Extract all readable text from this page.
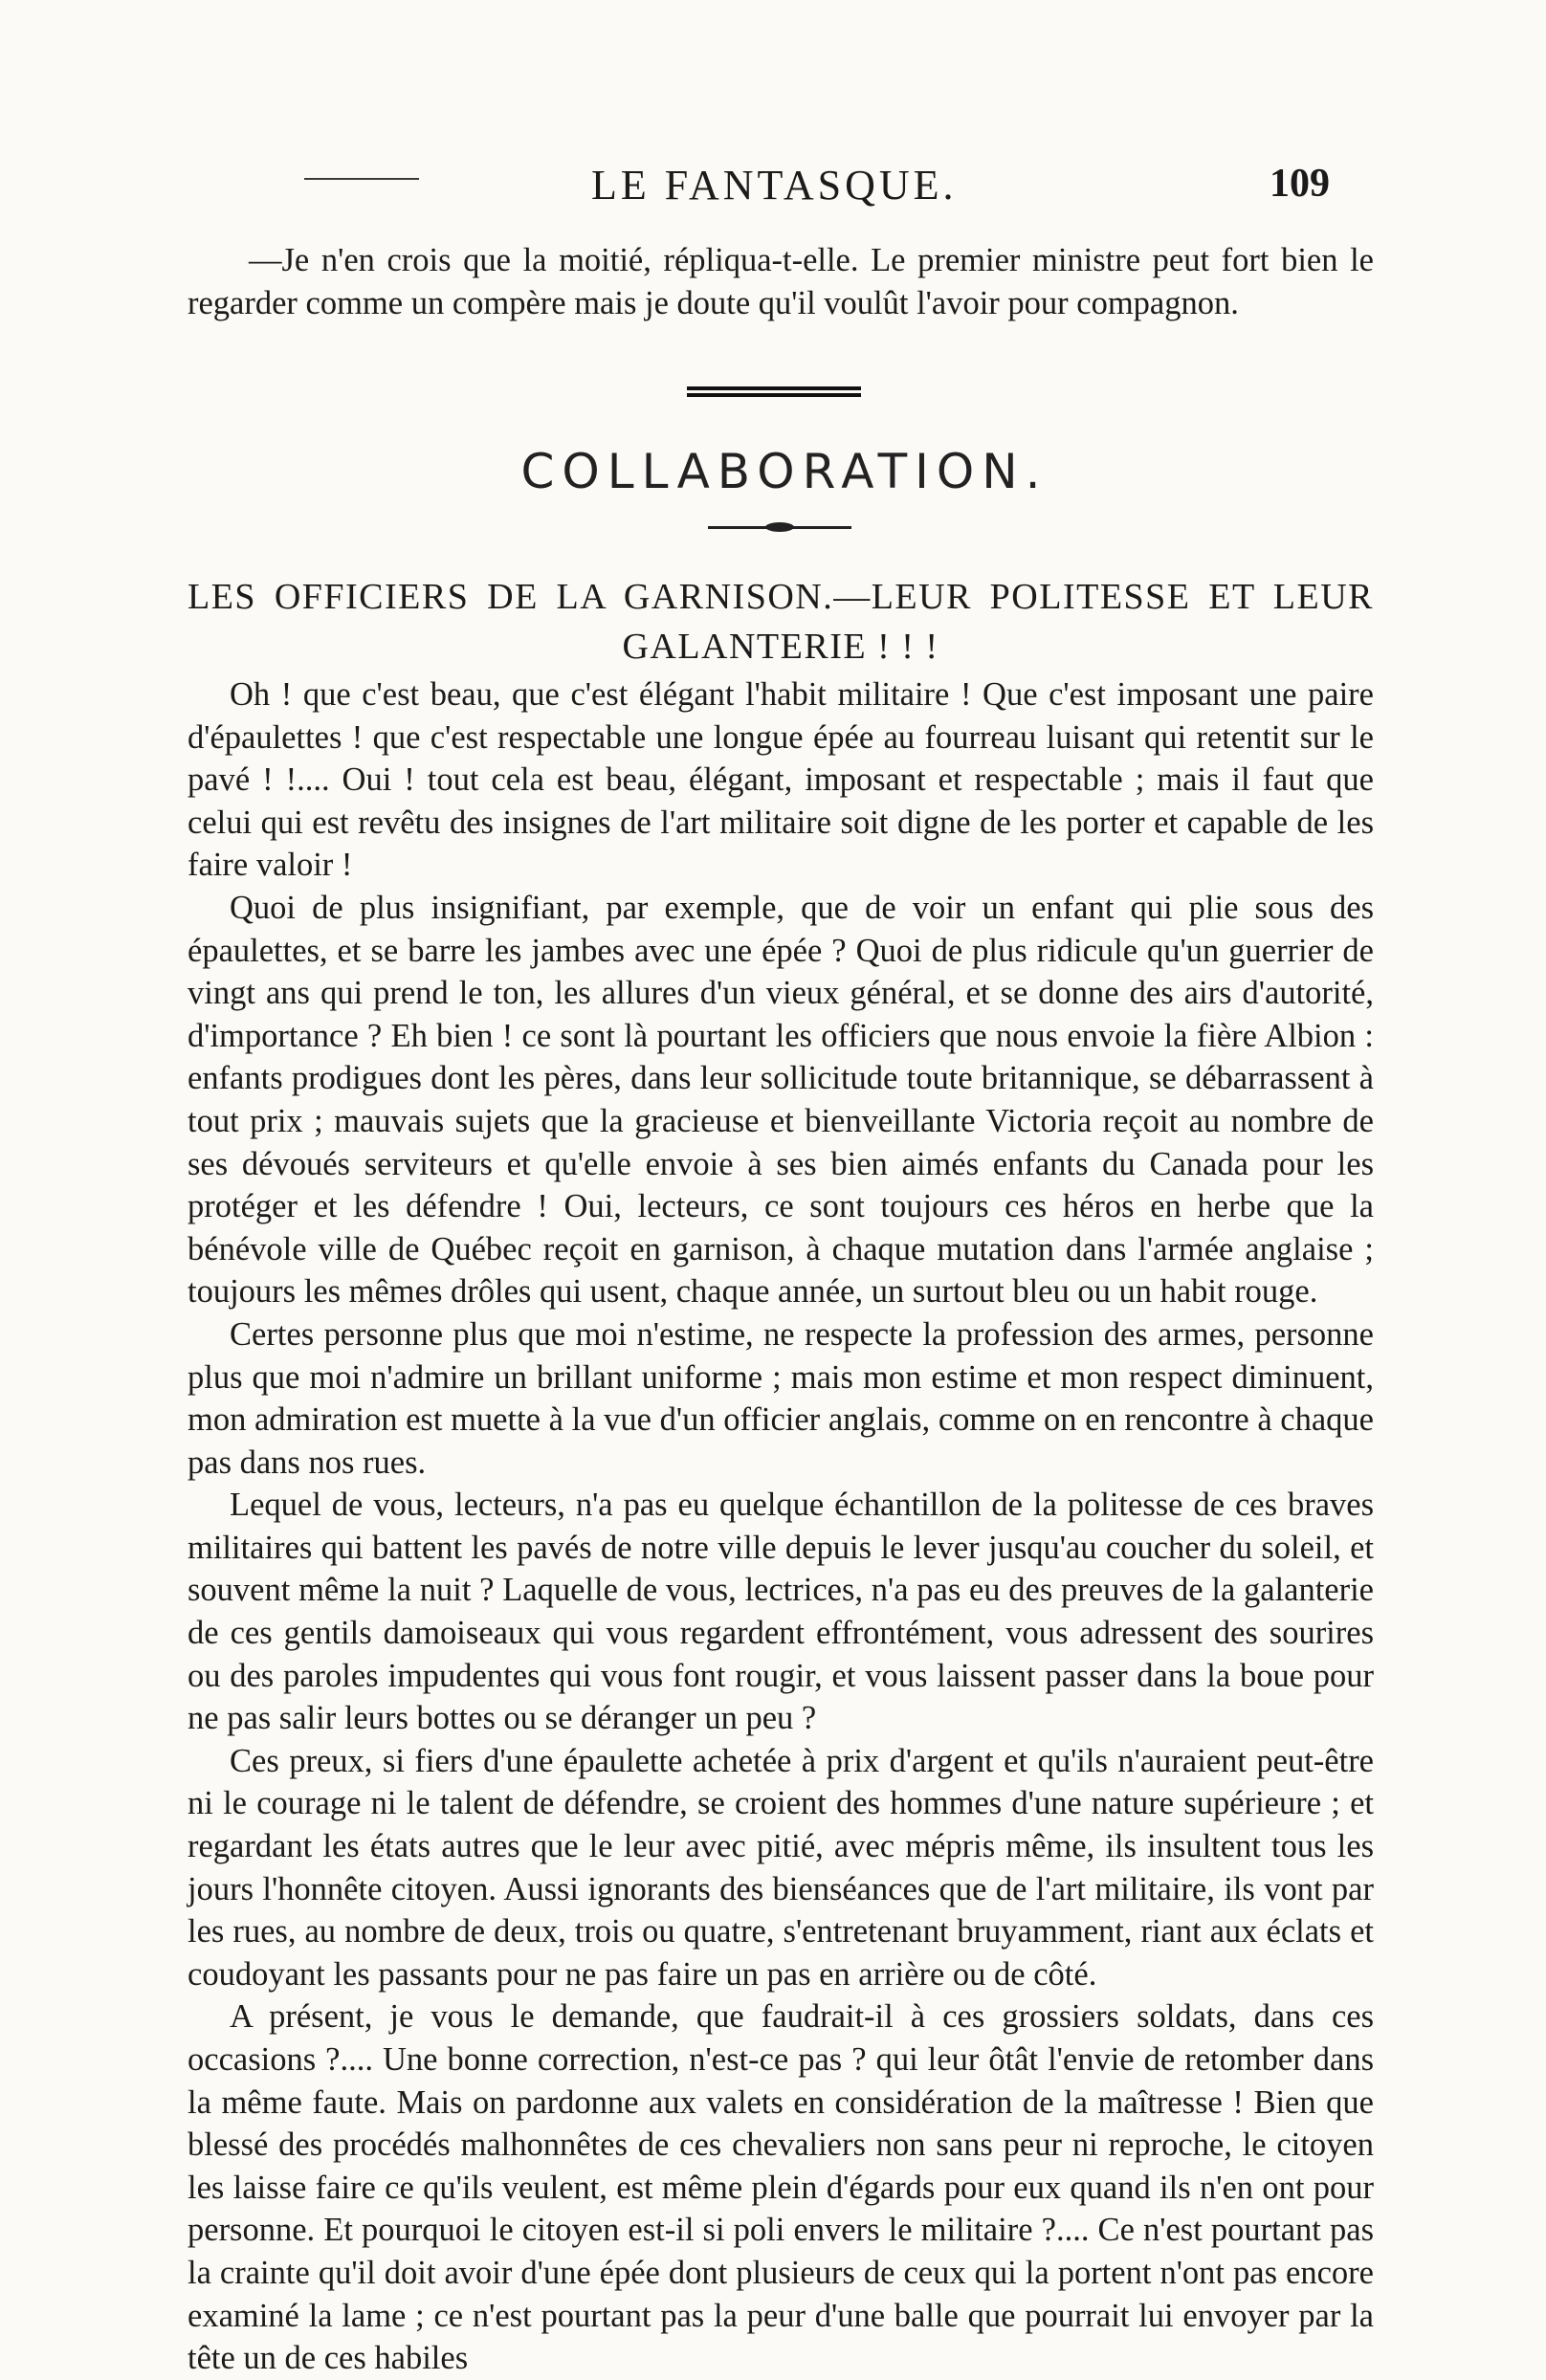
LE FANTASQUE.	109

—Je n'en crois que la moitié, répliqua-t-elle. Le premier ministre peut fort bien le regarder comme un compère mais je doute qu'il voulût l'avoir pour compagnon.

COLLABORATION.
LES OFFICIERS DE LA GARNISON.—LEUR POLITESSE ET LEUR
GALANTERIE ! ! !

Oh ! que c'est beau, que c'est élégant l'habit militaire ! Que c'est imposant une paire d'épaulettes ! que c'est respectable une longue épée au fourreau luisant qui retentit sur le pavé ! !.... Oui ! tout cela est beau, élégant, imposant et respectable ; mais il faut que celui qui est revêtu des insignes de l'art militaire soit digne de les porter et capable de les faire valoir !

Quoi de plus insignifiant, par exemple, que de voir un enfant qui plie sous des épaulettes, et se barre les jambes avec une épée ? Quoi de plus ridicule qu'un guerrier de vingt ans qui prend le ton, les allures d'un vieux général, et se donne des airs d'autorité, d'importance ? Eh bien ! ce sont là pourtant les officiers que nous envoie la fière Albion : enfants prodigues dont les pères, dans leur sollicitude toute britannique, se débarrassent à tout prix ; mauvais sujets que la gracieuse et bienveillante Victoria reçoit au nombre de ses dévoués serviteurs et qu'elle envoie à ses bien aimés enfants du Canada pour les protéger et les défendre ! Oui, lecteurs, ce sont toujours ces héros en herbe que la bénévole ville de Québec reçoit en garnison, à chaque mutation dans l'armée anglaise ; toujours les mêmes drôles qui usent, chaque année, un surtout bleu ou un habit rouge.

Certes personne plus que moi n'estime, ne respecte la profession des armes, personne plus que moi n'admire un brillant uniforme ; mais mon estime et mon respect diminuent, mon admiration est muette à la vue d'un officier anglais, comme on en rencontre à chaque pas dans nos rues.

Lequel de vous, lecteurs, n'a pas eu quelque échantillon de la politesse de ces braves militaires qui battent les pavés de notre ville depuis le lever jusqu'au coucher du soleil, et souvent même la nuit ? Laquelle de vous, lectrices, n'a pas eu des preuves de la galanterie de ces gentils damoiseaux qui vous regardent effrontément, vous adressent des sourires ou des paroles impudentes qui vous font rougir, et vous laissent passer dans la boue pour ne pas salir leurs bottes ou se déranger un peu ?

Ces preux, si fiers d'une épaulette achetée à prix d'argent et qu'ils n'auraient peut-être ni le courage ni le talent de défendre, se croient des hommes d'une nature supérieure ; et regardant les états autres que le leur avec pitié, avec mépris même, ils insultent tous les jours l'honnête citoyen. Aussi ignorants des bienséances que de l'art militaire, ils vont par les rues, au nombre de deux, trois ou quatre, s'entretenant bruyamment, riant aux éclats et coudoyant les passants pour ne pas faire un pas en arrière ou de côté.

A présent, je vous le demande, que faudrait-il à ces grossiers soldats, dans ces occasions ?.... Une bonne correction, n'est-ce pas ? qui leur ôtât l'envie de retomber dans la même faute. Mais on pardonne aux valets en considération de la maîtresse ! Bien que blessé des procédés malhonnêtes de ces chevaliers non sans peur ni reproche, le citoyen les laisse faire ce qu'ils veulent, est même plein d'égards pour eux quand ils n'en ont pour personne. Et pourquoi le citoyen est-il si poli envers le militaire ?.... Ce n'est pourtant pas la crainte qu'il doit avoir d'une épée dont plusieurs de ceux qui la portent n'ont pas encore examiné la lame ; ce n'est pourtant pas la peur d'une balle que pourrait lui envoyer par la tête un de ces habiles
